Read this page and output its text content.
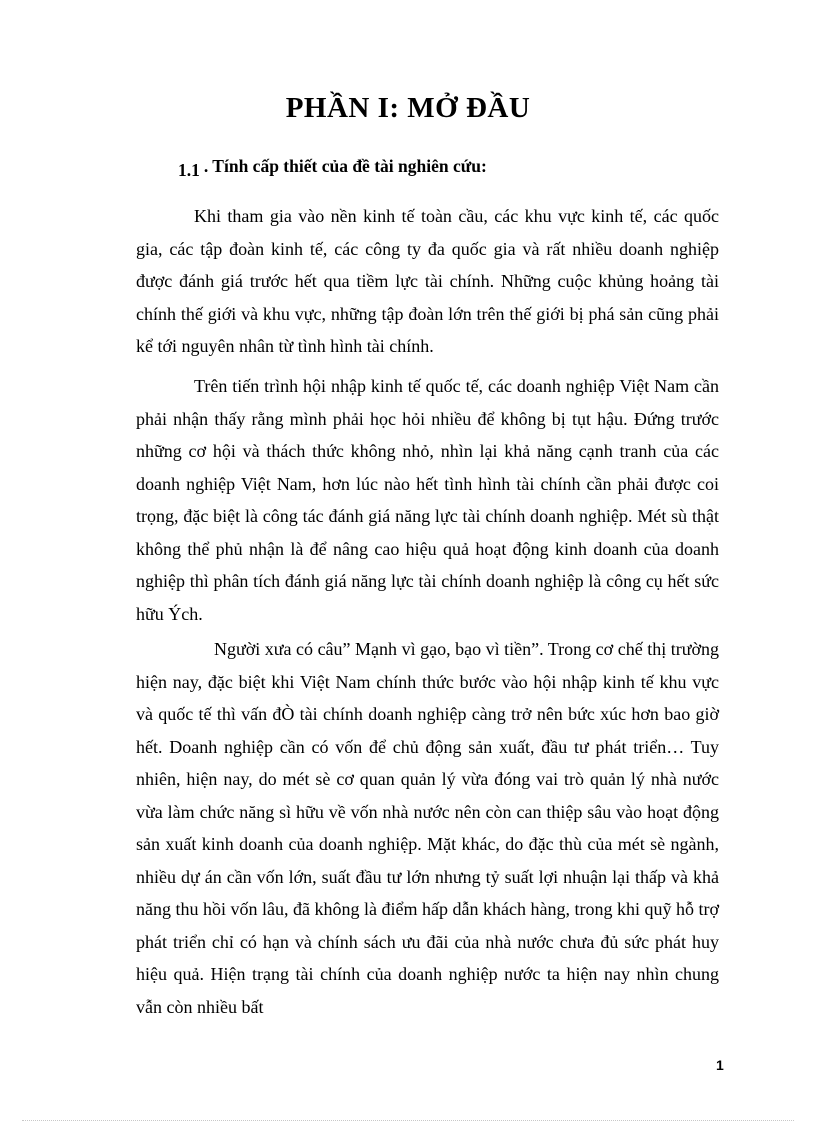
PHẦN I: MỞ ĐẦU
1.1 . Tính cấp thiết của đề tài nghiên cứu:

Khi tham gia vào nền kinh tế toàn cầu, các khu vực kinh tế, các quốc gia, các tập đoàn kinh tế, các công ty đa quốc gia và rất nhiều doanh nghiệp được đánh giá trước hết qua tiềm lực tài chính. Những cuộc khủng hoảng tài chính thế giới và khu vực, những tập đoàn lớn trên thế giới bị phá sản cũng phải kể tới nguyên nhân từ tình hình tài chính.

Trên tiến trình hội nhập kinh tế quốc tế, các doanh nghiệp Việt Nam cần phải nhận thấy rằng mình phải học hỏi nhiều để không bị tụt hậu. Đứng trước những cơ hội và thách thức không nhỏ, nhìn lại khả năng cạnh tranh của các doanh nghiệp Việt Nam, hơn lúc nào hết tình hình tài chính cần phải được coi trọng, đặc biệt là công tác đánh giá năng lực tài chính doanh nghiệp. Mét sù thật không thể phủ nhận là để nâng cao hiệu quả hoạt động kinh doanh của doanh nghiệp thì phân tích đánh giá năng lực tài chính doanh nghiệp là công cụ hết sức hữu Ých.

Người xưa có câu” Mạnh vì gạo, bạo vì tiền”. Trong cơ chế thị trường hiện nay, đặc biệt khi Việt Nam chính thức bước vào hội nhập kinh tế khu vực và quốc tế thì vấn đÒ tài chính doanh nghiệp càng trở nên bức xúc hơn bao giờ hết. Doanh nghiệp cần có vốn để chủ động sản xuất, đầu tư phát triển… Tuy nhiên, hiện nay, do mét sè cơ quan quản lý vừa đóng vai trò quản lý nhà nước vừa làm chức năng sì hữu về vốn nhà nước nên còn can thiệp sâu vào hoạt động sản xuất kinh doanh của doanh nghiệp. Mặt khác, do đặc thù của mét sè ngành, nhiều dự án cần vốn lớn, suất đầu tư lớn nhưng tỷ suất lợi nhuận lại thấp và khả năng thu hồi vốn lâu, đã không là điểm hấp dẫn khách hàng, trong khi quỹ hỗ trợ phát triển chỉ có hạn và chính sách ưu đãi của nhà nước chưa đủ sức phát huy hiệu quả. Hiện trạng tài chính của doanh nghiệp nước ta hiện nay nhìn chung vẫn còn nhiều bất

1
